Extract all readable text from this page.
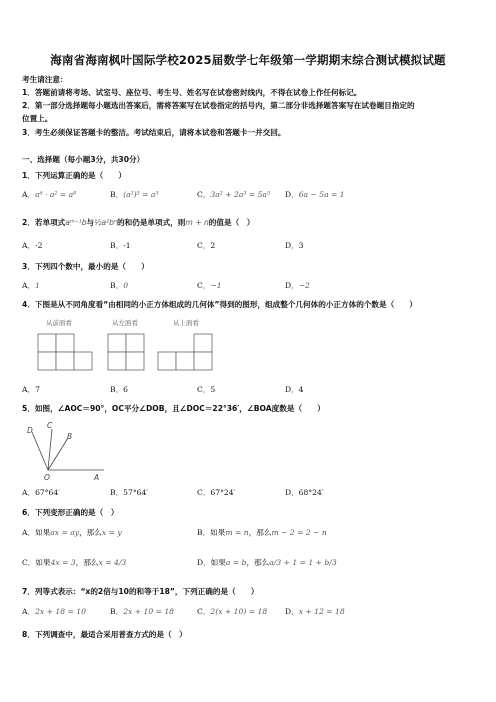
海南省海南枫叶国际学校2025届数学七年级第一学期期末综合测试模拟试题
考生请注意：
1．答题前请将考场、试室号、座位号、考生号、姓名写在试卷密封线内，不得在试卷上作任何标记。
2．第一部分选择题每小题选出答案后，需将答案写在试卷指定的括号内，第二部分非选择题答案写在试卷题目指定的
位置上。
3．考生必须保证答题卡的整洁。考试结束后，请将本试卷和答题卡一并交回。
一、选择题（每小题3分，共30分）
1．下列运算正确的是（　　）
A．a⁶ · a² = a⁸	B．(a²)³ = a⁵	C．3a² + 2a³ = 5a⁵ D．6a − 5a = 1
2．若单项式aᵐ⁻¹b与½a²bⁿ的和仍是单项式，则m + n的值是（　）
A．-2	B．-1	C．2	D．3
3．下列四个数中，最小的是（　　）
A．1	B．0	C．−1	D．−2
4．下图是从不同角度看“由相同的小正方体组成的几何体”得到的图形，组成整个几何体的小正方体的个数是（　　）
从前面看	从左面看	从上面看
A．7	B．6	C．5	D．4
5．如图，∠AOC＝90°，OC平分∠DOB，且∠DOC＝22°36′，∠BOA度数是（　　）
D
C
B
O	A
A．67°64′	B．57°64′	C．67°24′	D．68°24′
6．下列变形正确的是（　）
A．如果ax = ay，那么x = y	B．如果m = n，那么m − 2 = 2 − n
C．如果4x = 3，那么x = 4/3	D．如果a = b，那么a/3 + 1 = 1 + b/3
7．列等式表示：“x的2倍与10的和等于18”，下列正确的是（　　）
A．2x + 18 = 10	B．2x + 10 = 18	C．2(x + 10) = 18 D．x + 12 = 18
8．下列调查中，最适合采用普查方式的是（　）
